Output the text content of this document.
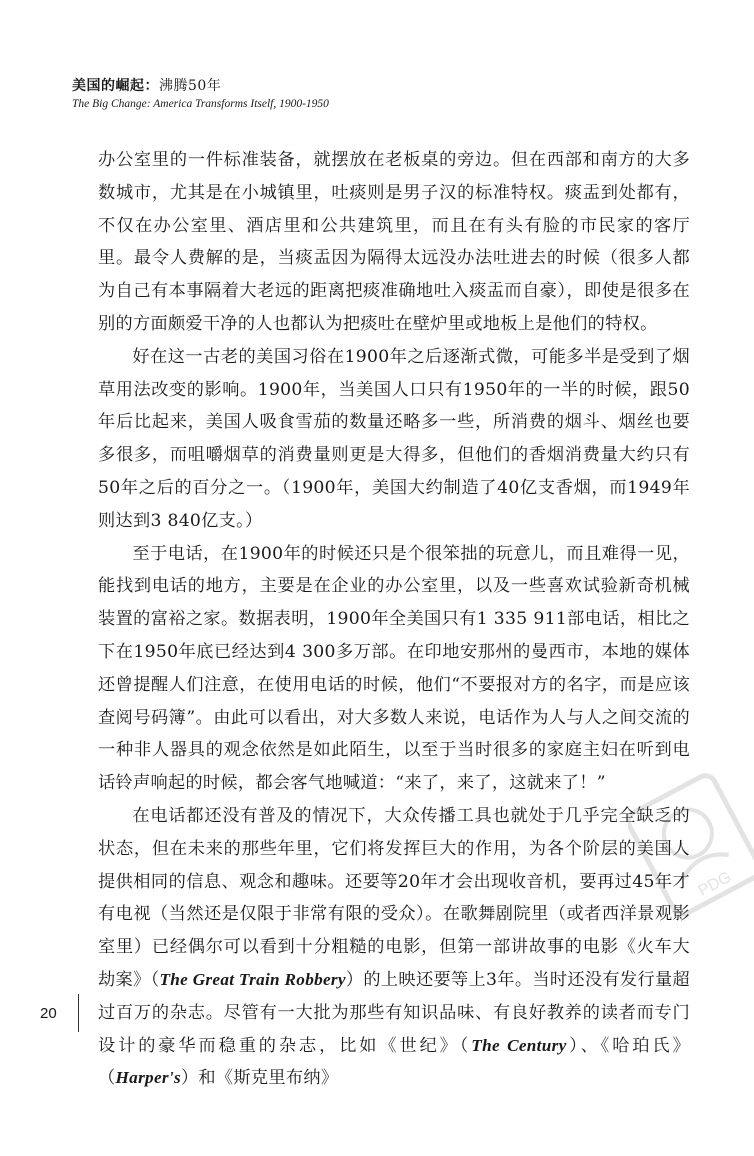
美国的崛起：沸腾50年
The Big Change: America Transforms Itself, 1900-1950

办公室里的一件标准装备，就摆放在老板桌的旁边。但在西部和南方的大多数城市，尤其是在小城镇里，吐痰则是男子汉的标准特权。痰盂到处都有，不仅在办公室里、酒店里和公共建筑里，而且在有头有脸的市民家的客厅里。最令人费解的是，当痰盂因为隔得太远没办法吐进去的时候（很多人都为自己有本事隔着大老远的距离把痰准确地吐入痰盂而自豪），即使是很多在别的方面颇爱干净的人也都认为把痰吐在壁炉里或地板上是他们的特权。

好在这一古老的美国习俗在1900年之后逐渐式微，可能多半是受到了烟草用法改变的影响。1900年，当美国人口只有1950年的一半的时候，跟50年后比起来，美国人吸食雪茄的数量还略多一些，所消费的烟斗、烟丝也要多很多，而咀嚼烟草的消费量则更是大得多，但他们的香烟消费量大约只有50年之后的百分之一。（1900年，美国大约制造了40亿支香烟，而1949年则达到3 840亿支。）

至于电话，在1900年的时候还只是个很笨拙的玩意儿，而且难得一见，能找到电话的地方，主要是在企业的办公室里，以及一些喜欢试验新奇机械装置的富裕之家。数据表明，1900年全美国只有1 335 911部电话，相比之下在1950年底已经达到4 300多万部。在印地安那州的曼西市，本地的媒体还曾提醒人们注意，在使用电话的时候，他们“不要报对方的名字，而是应该查阅号码簿”。由此可以看出，对大多数人来说，电话作为人与人之间交流的一种非人器具的观念依然是如此陌生，以至于当时很多的家庭主妇在听到电话铃声响起的时候，都会客气地喊道：“来了，来了，这就来了！”

在电话都还没有普及的情况下，大众传播工具也就处于几乎完全缺乏的状态，但在未来的那些年里，它们将发挥巨大的作用，为各个阶层的美国人提供相同的信息、观念和趣味。还要等20年才会出现收音机，要再过45年才有电视（当然还是仅限于非常有限的受众）。在歌舞剧院里（或者西洋景观影室里）已经偶尔可以看到十分粗糙的电影，但第一部讲故事的电影《火车大劫案》（The Great Train Robbery）的上映还要等上3年。当时还没有发行量超过百万的杂志。尽管有一大批为那些有知识品味、有良好教养的读者而专门设计的豪华而稳重的杂志，比如《世纪》（The Century）、《哈珀氏》（Harper's）和《斯克里布纳》

20
PDG
